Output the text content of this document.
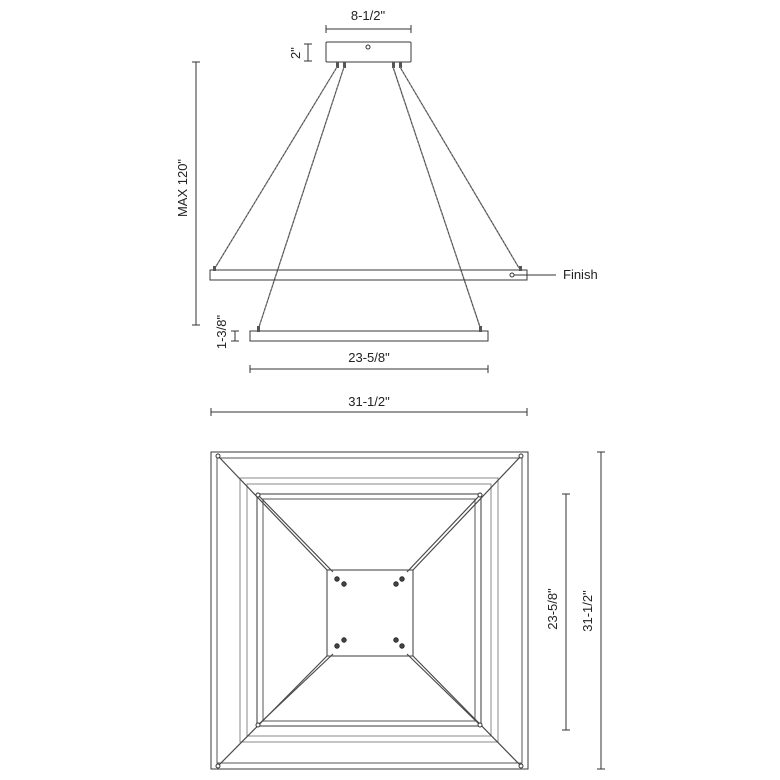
8-1/2"
2"
MAX 120"
Finish
1-3/8"
23-5/8"
31-1/2"
23-5/8" 31-1/2"
